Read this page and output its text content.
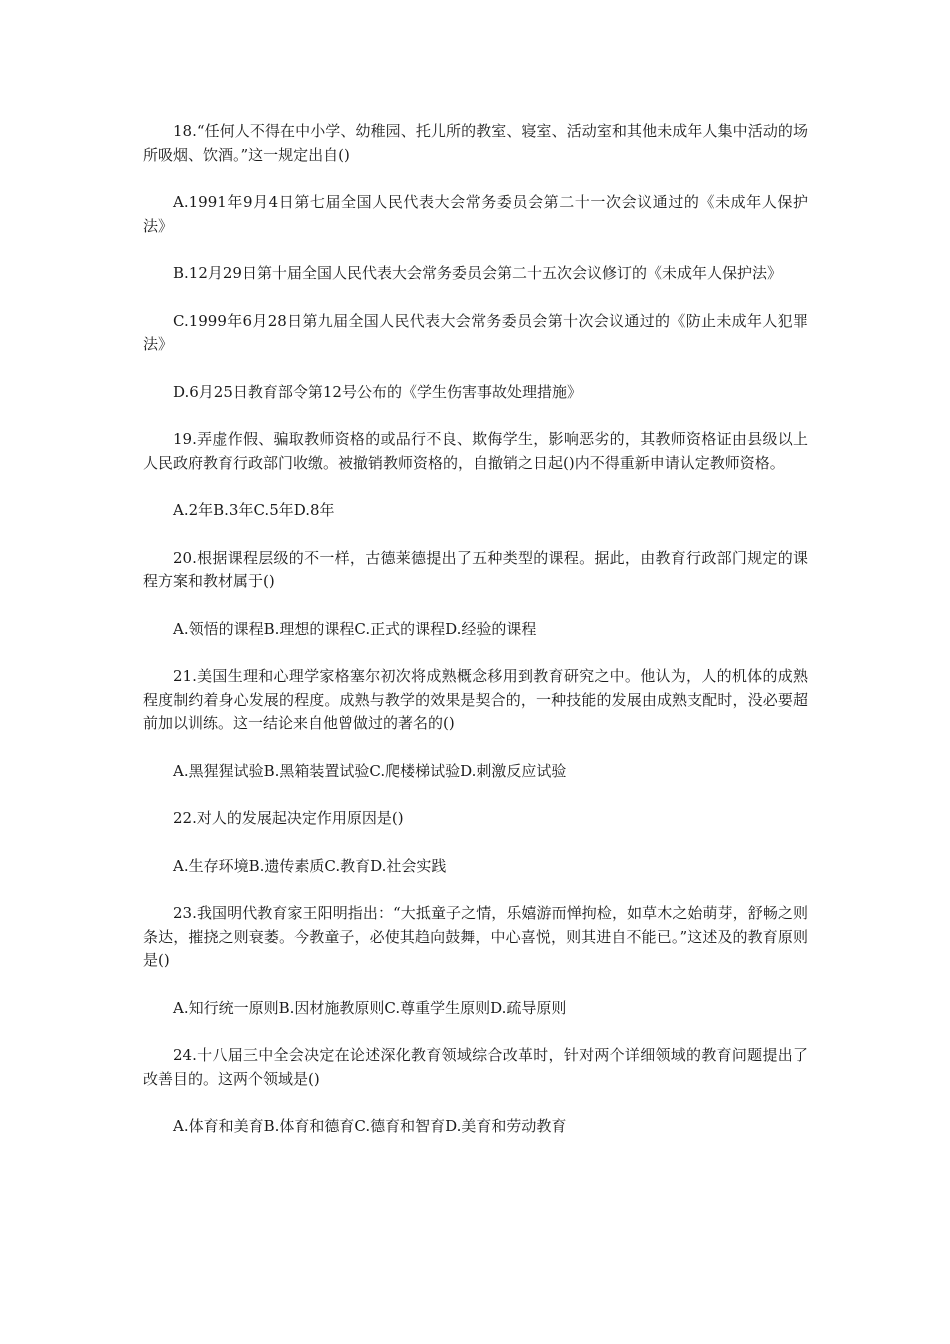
18.“任何人不得在中小学、幼稚园、托儿所的教室、寝室、活动室和其他未成年人集中活动的场所吸烟、饮酒。”这一规定出自()

A.1991年9月4日第七届全国人民代表大会常务委员会第二十一次会议通过的《未成年人保护法》

B.12月29日第十届全国人民代表大会常务委员会第二十五次会议修订的《未成年人保护法》

C.1999年6月28日第九届全国人民代表大会常务委员会第十次会议通过的《防止未成年人犯罪法》

D.6月25日教育部令第12号公布的《学生伤害事故处理措施》

19.弄虚作假、骗取教师资格的或品行不良、欺侮学生，影响恶劣的，其教师资格证由县级以上人民政府教育行政部门收缴。被撤销教师资格的，自撤销之日起()内不得重新申请认定教师资格。

A.2年B.3年C.5年D.8年

20.根据课程层级的不一样，古德莱德提出了五种类型的课程。据此，由教育行政部门规定的课程方案和教材属于()

A.领悟的课程B.理想的课程C.正式的课程D.经验的课程

21.美国生理和心理学家格塞尔初次将成熟概念移用到教育研究之中。他认为，人的机体的成熟程度制约着身心发展的程度。成熟与教学的效果是契合的，一种技能的发展由成熟支配时，没必要超前加以训练。这一结论来自他曾做过的著名的()

A.黑猩猩试验B.黑箱装置试验C.爬楼梯试验D.刺激反应试验

22.对人的发展起决定作用原因是()

A.生存环境B.遗传素质C.教育D.社会实践

23.我国明代教育家王阳明指出：“大抵童子之情，乐嬉游而惮拘检，如草木之始萌芽，舒畅之则条达，摧挠之则衰萎。今教童子，必使其趋向鼓舞，中心喜悦，则其进自不能已。”这述及的教育原则是()

A.知行统一原则B.因材施教原则C.尊重学生原则D.疏导原则

24.十八届三中全会决定在论述深化教育领域综合改革时，针对两个详细领域的教育问题提出了改善目的。这两个领域是()

A.体育和美育B.体育和德育C.德育和智育D.美育和劳动教育
